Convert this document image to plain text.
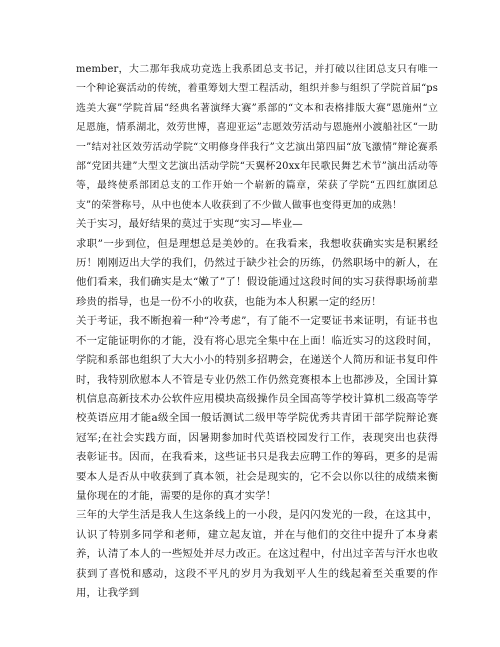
member，大二那年我成功竞选上我系团总支书记，并打破以往团总支只有唯一一个种论赛活动的传统，着重筹划大型工程活动，组织并参与组织了学院首届“ps选美大赛”学院首届“经典名著演绎大赛”系部的“文本和表格排版大赛”恩施州“立足恩施，情系湖北，效劳世博，喜迎亚运”志愿效劳活动与恩施州小渡船社区“一助一”结对社区效劳活动学院“文明修身伴我行”文艺演出第四届“放飞激情”辩论赛系部“党团共建”大型文艺演出活动学院“天翼杯20xx年民歌民舞艺术节”演出活动等等，最终使系部团总支的工作开始一个崭新的篇章，荣获了学院“五四红旗团总支”的荣誉称号，从中也使本人收获到了不少做人做事也变得更加的成熟！

关于实习，最好结果的莫过于实现“实习—毕业—

求职”一步到位，但是理想总是美妙的。在我看来，我想收获确实实是积累经历！刚刚迈出大学的我们，仍然过于缺少社会的历练，仍然职场中的新人，在他们看来，我们确实是太“嫩了”了！假设能通过这段时间的实习获得职场前辈珍贵的指导，也是一份不小的收获，也能为本人积累一定的经历！

关于考证，我不断抱着一种“冷考虑”，有了能不一定要证书来证明，有证书也不一定能证明你的才能，没有将心思完全集中在上面！临近实习的这段时间，学院和系部也组织了大大小小的特别多招聘会，在递送个人简历和证书复印件时，我特别欣慰本人不管是专业仍然工作仍然竞赛根本上也都涉及，全国计算机信息高新技术办公软件应用模块高级操作员全国高等学校计算机二级高等学校英语应用才能a级全国一般话测试二级甲等学院优秀共青团干部学院辩论赛冠军;在社会实践方面，因暑期参加时代英语校园发行工作，表现突出也获得表彰证书。因而，在我看来，这些证书只是我去应聘工作的筹码，更多的是需要本人是否从中收获到了真本领，社会是现实的，它不会以你以往的成绩来衡量你现在的才能，需要的是你的真才实学！

三年的大学生活是我人生这条线上的一小段，是闪闪发光的一段，在这其中，认识了特别多同学和老师，建立起友谊，并在与他们的交往中提升了本身素养，认清了本人的一些短处并尽力改正。在这过程中，付出过辛苦与汗水也收获到了喜悦和感动，这段不平凡的岁月为我划平人生的线起着至关重要的作用，让我学到
